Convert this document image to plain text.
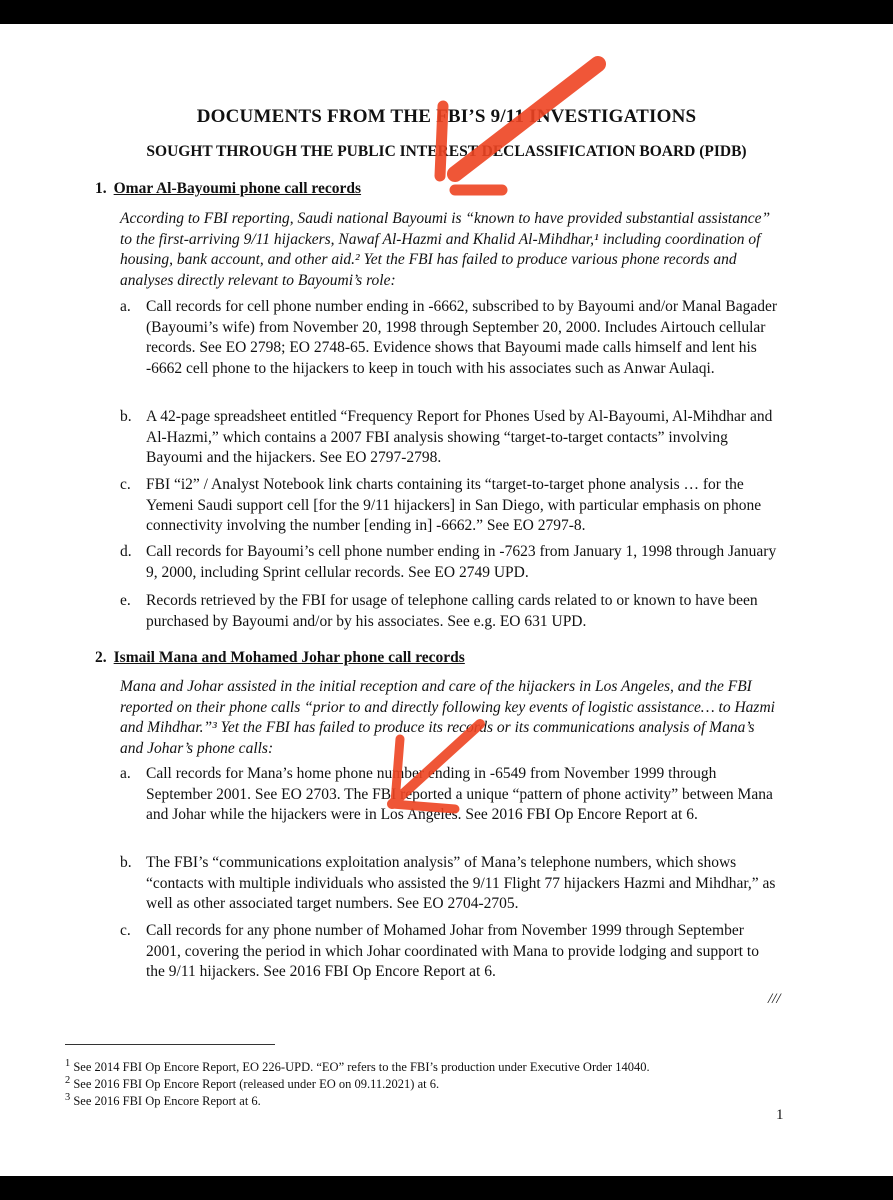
DOCUMENTS FROM THE FBI’S 9/11 INVESTIGATIONS
SOUGHT THROUGH THE PUBLIC INTEREST DECLASSIFICATION BOARD (PIDB)
1. Omar Al-Bayoumi phone call records
According to FBI reporting, Saudi national Bayoumi is “known to have provided substantial assistance” to the first-arriving 9/11 hijackers, Nawaf Al-Hazmi and Khalid Al-Mihdhar,¹ including coordination of housing, bank account, and other aid.² Yet the FBI has failed to produce various phone records and analyses directly relevant to Bayoumi’s role:
a. Call records for cell phone number ending in -6662, subscribed to by Bayoumi and/or Manal Bagader (Bayoumi’s wife) from November 20, 1998 through September 20, 2000. Includes Airtouch cellular records. See EO 2798; EO 2748-65. Evidence shows that Bayoumi made calls himself and lent his -6662 cell phone to the hijackers to keep in touch with his associates such as Anwar Aulaqi.
b. A 42-page spreadsheet entitled “Frequency Report for Phones Used by Al-Bayoumi, Al-Mihdhar and Al-Hazmi,” which contains a 2007 FBI analysis showing “target-to-target contacts” involving Bayoumi and the hijackers. See EO 2797-2798.
c. FBI “i2” / Analyst Notebook link charts containing its “target-to-target phone analysis … for the Yemeni Saudi support cell [for the 9/11 hijackers] in San Diego, with particular emphasis on phone connectivity involving the number [ending in] -6662.” See EO 2797-8.
d. Call records for Bayoumi’s cell phone number ending in -7623 from January 1, 1998 through January 9, 2000, including Sprint cellular records. See EO 2749 UPD.
e. Records retrieved by the FBI for usage of telephone calling cards related to or known to have been purchased by Bayoumi and/or by his associates. See e.g. EO 631 UPD.
2. Ismail Mana and Mohamed Johar phone call records
Mana and Johar assisted in the initial reception and care of the hijackers in Los Angeles, and the FBI reported on their phone calls “prior to and directly following key events of logistic assistance… to Hazmi and Mihdhar.”³ Yet the FBI has failed to produce its records or its communications analysis of Mana’s and Johar’s phone calls:
a. Call records for Mana’s home phone number ending in -6549 from November 1999 through September 2001. See EO 2703. The FBI reported a unique “pattern of phone activity” between Mana and Johar while the hijackers were in Los Angeles. See 2016 FBI Op Encore Report at 6.
b. The FBI’s “communications exploitation analysis” of Mana’s telephone numbers, which shows “contacts with multiple individuals who assisted the 9/11 Flight 77 hijackers Hazmi and Mihdhar,” as well as other associated target numbers. See EO 2704-2705.
c. Call records for any phone number of Mohamed Johar from November 1999 through September 2001, covering the period in which Johar coordinated with Mana to provide lodging and support to the 9/11 hijackers. See 2016 FBI Op Encore Report at 6.
///
$^1$ See 2014 FBI Op Encore Report, EO 226-UPD. “EO” refers to the FBI’s production under Executive Order 14040.
$^2$ See 2016 FBI Op Encore Report (released under EO on 09.11.2021) at 6.
$^3$ See 2016 FBI Op Encore Report at 6.
1
